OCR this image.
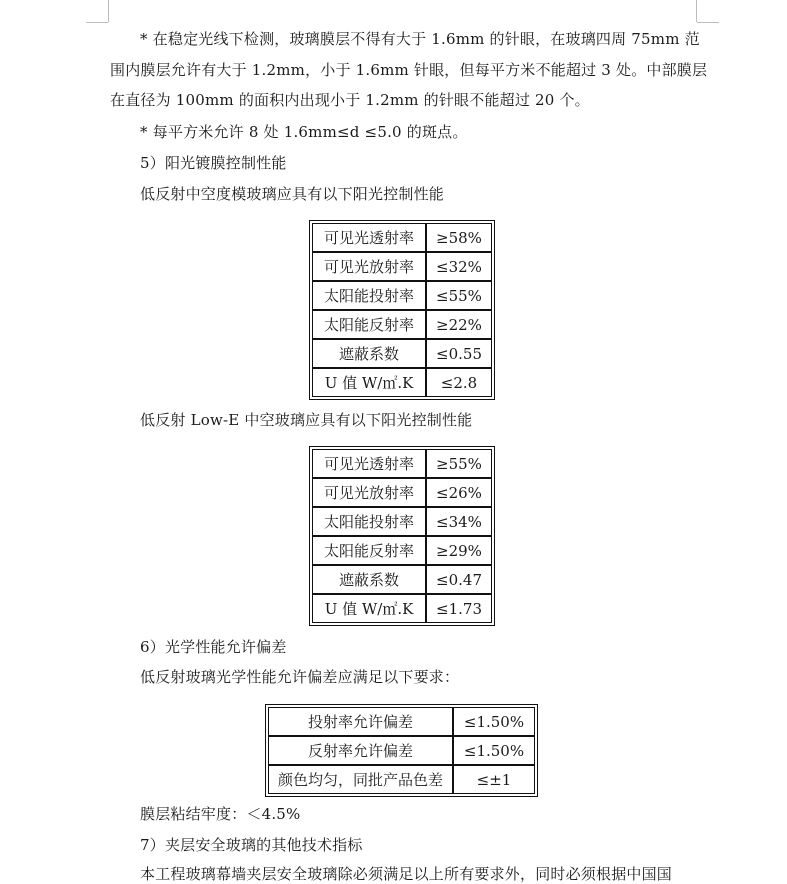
* 在稳定光线下检测，玻璃膜层不得有大于 1.6mm 的针眼，在玻璃四周 75mm 范
围内膜层允许有大于 1.2mm，小于 1.6mm 针眼，但每平方米不能超过 3 处。中部膜层
在直径为 100mm 的面积内出现小于 1.2mm 的针眼不能超过 20 个。
* 每平方米允许 8 处 1.6mm≤d ≤5.0 的斑点。
5）阳光镀膜控制性能
低反射中空度模玻璃应具有以下阳光控制性能
可见光透射率	≥58%
可见光放射率	≤32%
太阳能投射率	≤55%
太阳能反射率	≥22%
遮蔽系数	≤0.55
U 值 W/㎡.K	≤2.8
低反射 Low-E 中空玻璃应具有以下阳光控制性能
可见光透射率	≥55%
可见光放射率	≤26%
太阳能投射率	≤34%
太阳能反射率	≥29%
遮蔽系数	≤0.47
U 值 W/㎡.K	≤1.73
6）光学性能允许偏差
低反射玻璃光学性能允许偏差应满足以下要求：
投射率允许偏差	≤1.50%
反射率允许偏差	≤1.50%
颜色均匀，同批产品色差	≤±1
膜层粘结牢度：＜4.5%
7）夹层安全玻璃的其他技术指标
本工程玻璃幕墙夹层安全玻璃除必须满足以上所有要求外，同时必须根据中国国
